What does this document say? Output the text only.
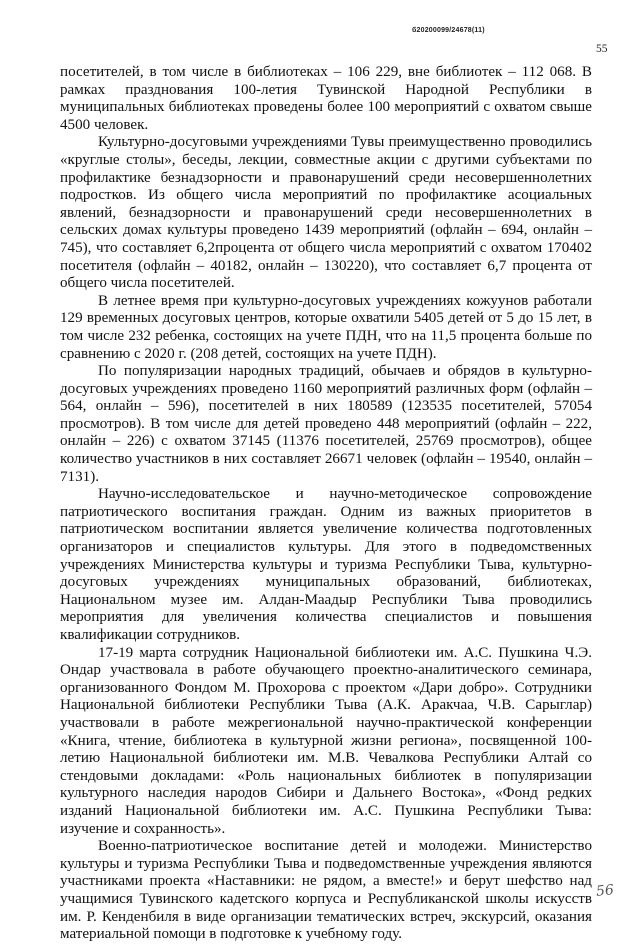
б20200099/24678(11)
55

посетителей, в том числе в библиотеках – 106 229, вне библиотек – 112 068. В рамках празднования 100-летия Тувинской Народной Республики в муниципальных библиотеках проведены более 100 мероприятий с охватом свыше 4500 человек.

Культурно-досуговыми учреждениями Тувы преимущественно проводились «круглые столы», беседы, лекции, совместные акции с другими субъектами по профилактике безнадзорности и правонарушений среди несовершеннолетних подростков. Из общего числа мероприятий по профилактике асоциальных явлений, безнадзорности и правонарушений среди несовершеннолетних в сельских домах культуры проведено 1439 мероприятий (офлайн – 694, онлайн – 745), что составляет 6,2процента от общего числа мероприятий с охватом 170402 посетителя (офлайн – 40182, онлайн – 130220), что составляет 6,7 процента от общего числа посетителей.

В летнее время при культурно-досуговых учреждениях кожуунов работали 129 временных досуговых центров, которые охватили 5405 детей от 5 до 15 лет, в том числе 232 ребенка, состоящих на учете ПДН, что на 11,5 процента больше по сравнению с 2020 г. (208 детей, состоящих на учете ПДН).

По популяризации народных традиций, обычаев и обрядов в культурно-досуговых учреждениях проведено 1160 мероприятий различных форм (офлайн – 564, онлайн – 596), посетителей в них 180589 (123535 посетителей, 57054 просмотров). В том числе для детей проведено 448 мероприятий (офлайн – 222, онлайн – 226) с охватом 37145 (11376 посетителей, 25769 просмотров), общее количество участников в них составляет 26671 человек (офлайн – 19540, онлайн – 7131).

Научно-исследовательское и научно-методическое сопровождение патриотического воспитания граждан. Одним из важных приоритетов в патриотическом воспитании является увеличение количества подготовленных организаторов и специалистов культуры. Для этого в подведомственных учреждениях Министерства культуры и туризма Республики Тыва, культурно-досуговых учреждениях муниципальных образований, библиотеках, Национальном музее им. Алдан-Маадыр Республики Тыва проводились мероприятия для увеличения количества специалистов и повышения квалификации сотрудников.

17-19 марта сотрудник Национальной библиотеки им. А.С. Пушкина Ч.Э. Ондар участвовала в работе обучающего проектно-аналитического семинара, организованного Фондом М. Прохорова с проектом «Дари добро». Сотрудники Национальной библиотеки Республики Тыва (А.К. Аракчаа, Ч.В. Сарыглар) участвовали в работе межрегиональной научно-практической конференции «Книга, чтение, библиотека в культурной жизни региона», посвященной 100-летию Национальной библиотеки им. М.В. Чевалкова Республики Алтай со стендовыми докладами: «Роль национальных библиотек в популяризации культурного наследия народов Сибири и Дальнего Востока», «Фонд редких изданий Национальной библиотеки им. А.С. Пушкина Республики Тыва: изучение и сохранность».

Военно-патриотическое воспитание детей и молодежи. Министерство культуры и туризма Республики Тыва и подведомственные учреждения являются участниками проекта «Наставники: не рядом, а вместе!» и берут шефство над учащимися Тувинского кадетского корпуса и Республиканской школы искусств им. Р. Кенденбиля в виде организации тематических встреч, экскурсий, оказания материальной помощи в подготовке к учебному году.

56
